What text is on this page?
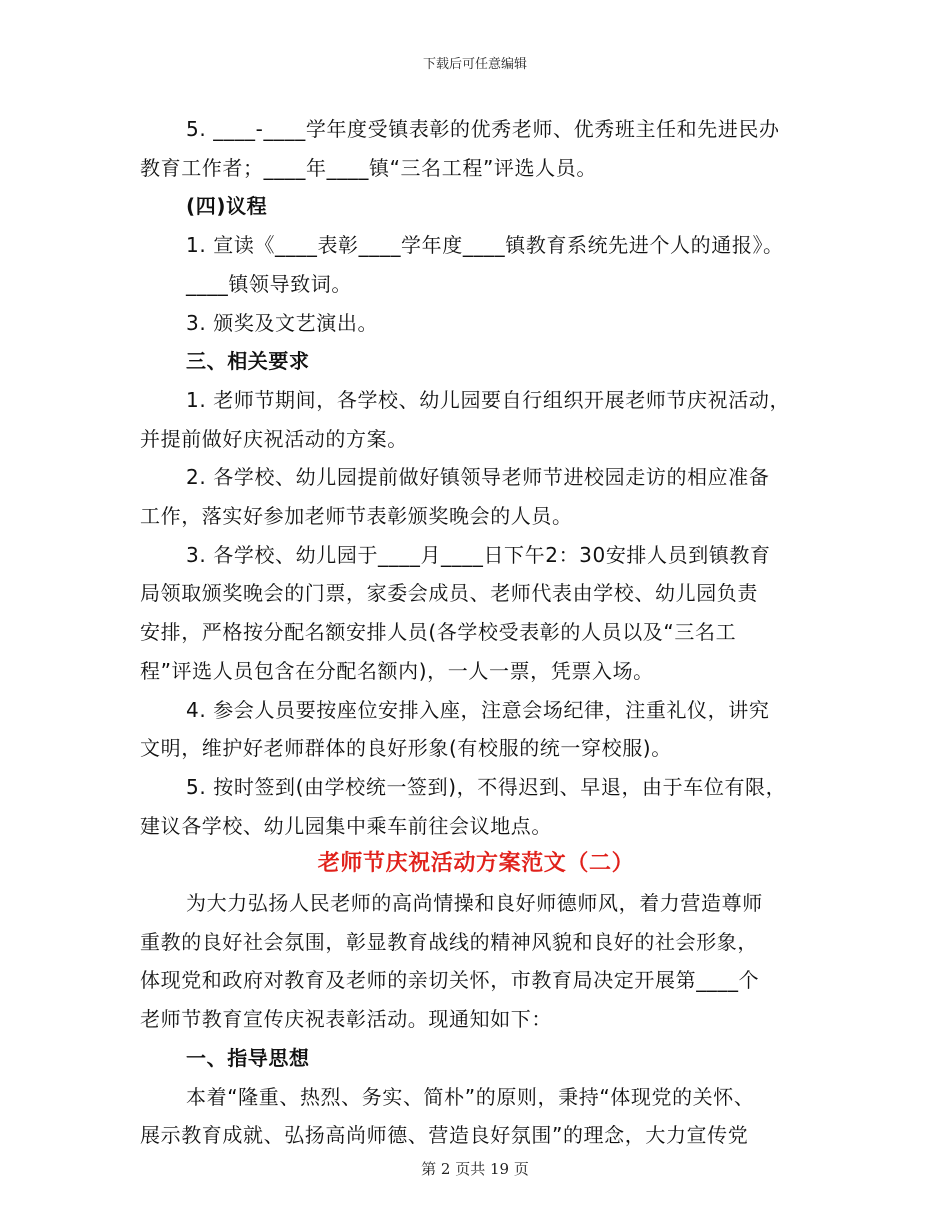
下载后可任意编辑

5. ____-____学年度受镇表彰的优秀老师、优秀班主任和先进民办

教育工作者；____年____镇“三名工程”评选人员。

(四)议程

1. 宣读《____表彰____学年度____镇教育系统先进个人的通报》。

____镇领导致词。

3. 颁奖及文艺演出。

三、相关要求

1. 老师节期间，各学校、幼儿园要自行组织开展老师节庆祝活动，

并提前做好庆祝活动的方案。

2. 各学校、幼儿园提前做好镇领导老师节进校园走访的相应准备

工作，落实好参加老师节表彰颁奖晚会的人员。

3. 各学校、幼儿园于____月____日下午2：30安排人员到镇教育

局领取颁奖晚会的门票，家委会成员、老师代表由学校、幼儿园负责

安排，严格按分配名额安排人员(各学校受表彰的人员以及“三名工

程”评选人员包含在分配名额内)，一人一票，凭票入场。

4. 参会人员要按座位安排入座，注意会场纪律，注重礼仪，讲究

文明，维护好老师群体的良好形象(有校服的统一穿校服)。

5. 按时签到(由学校统一签到)，不得迟到、早退，由于车位有限，

建议各学校、幼儿园集中乘车前往会议地点。

老师节庆祝活动方案范文（二）

为大力弘扬人民老师的高尚情操和良好师德师风，着力营造尊师

重教的良好社会氛围，彰显教育战线的精神风貌和良好的社会形象，

体现党和政府对教育及老师的亲切关怀，市教育局决定开展第____个

老师节教育宣传庆祝表彰活动。现通知如下：

一、指导思想

本着“隆重、热烈、务实、简朴”的原则，秉持“体现党的关怀、

展示教育成就、弘扬高尚师德、营造良好氛围”的理念，大力宣传党

第 2 页共 19 页
